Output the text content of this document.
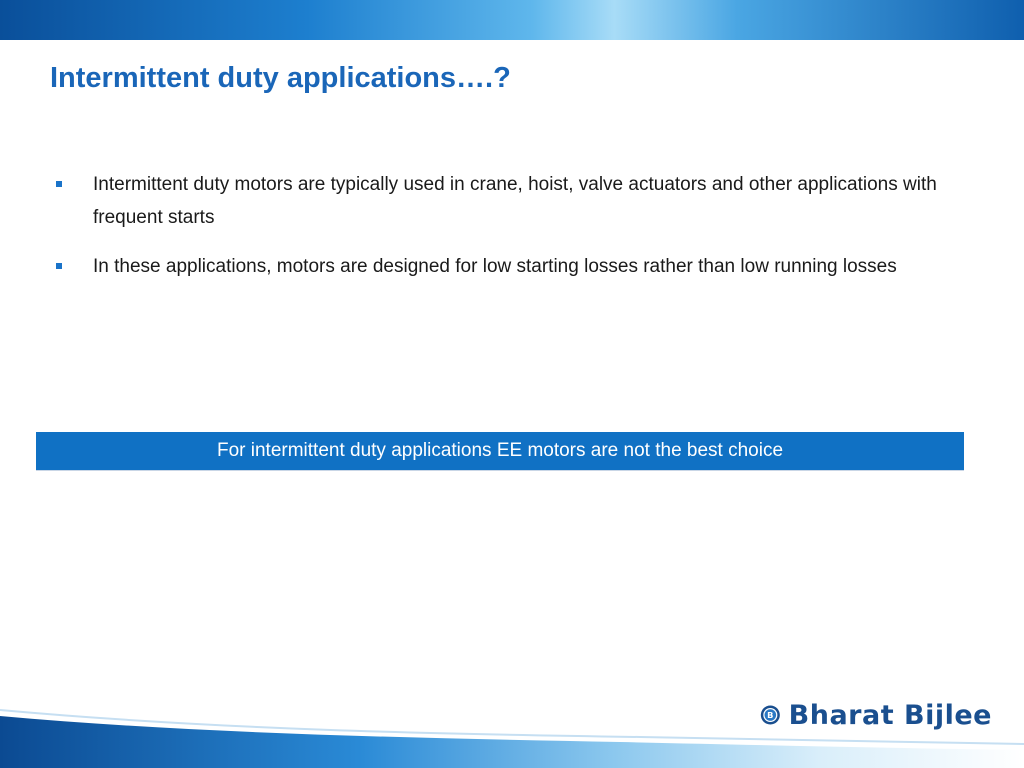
Intermittent duty applications….?
Intermittent duty motors are typically used in crane, hoist, valve actuators and other applications with frequent starts
In these applications, motors are designed for low starting losses rather than low running losses
For intermittent duty applications EE motors are not the best choice
B Bharat Bijlee
